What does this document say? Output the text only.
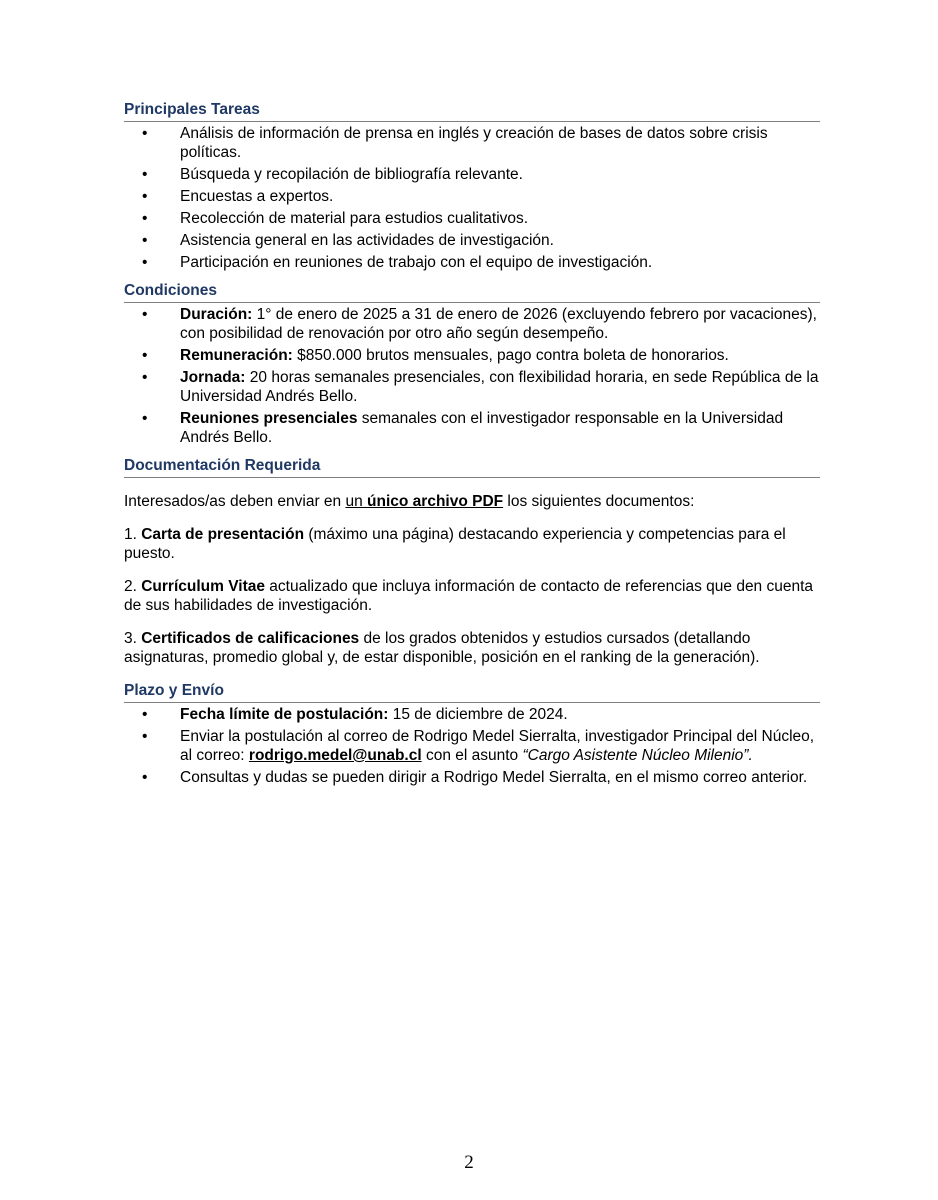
Principales Tareas
• Análisis de información de prensa en inglés y creación de bases de datos sobre crisis políticas.
• Búsqueda y recopilación de bibliografía relevante.
• Encuestas a expertos.
• Recolección de material para estudios cualitativos.
• Asistencia general en las actividades de investigación.
• Participación en reuniones de trabajo con el equipo de investigación.
Condiciones
• Duración: 1° de enero de 2025 a 31 de enero de 2026 (excluyendo febrero por vacaciones), con posibilidad de renovación por otro año según desempeño.
• Remuneración: $850.000 brutos mensuales, pago contra boleta de honorarios.
• Jornada: 20 horas semanales presenciales, con flexibilidad horaria, en sede República de la Universidad Andrés Bello.
• Reuniones presenciales semanales con el investigador responsable en la Universidad Andrés Bello.
Documentación Requerida

Interesados/as deben enviar en un único archivo PDF los siguientes documentos:

1. Carta de presentación (máximo una página) destacando experiencia y competencias para el puesto.

2. Currículum Vitae actualizado que incluya información de contacto de referencias que den cuenta de sus habilidades de investigación.

3. Certificados de calificaciones de los grados obtenidos y estudios cursados (detallando asignaturas, promedio global y, de estar disponible, posición en el ranking de la generación).

Plazo y Envío
• Fecha límite de postulación: 15 de diciembre de 2024.
• Enviar la postulación al correo de Rodrigo Medel Sierralta, investigador Principal del Núcleo, al correo: rodrigo.medel@unab.cl con el asunto “Cargo Asistente Núcleo Milenio”.
• Consultas y dudas se pueden dirigir a Rodrigo Medel Sierralta, en el mismo correo anterior.
2
